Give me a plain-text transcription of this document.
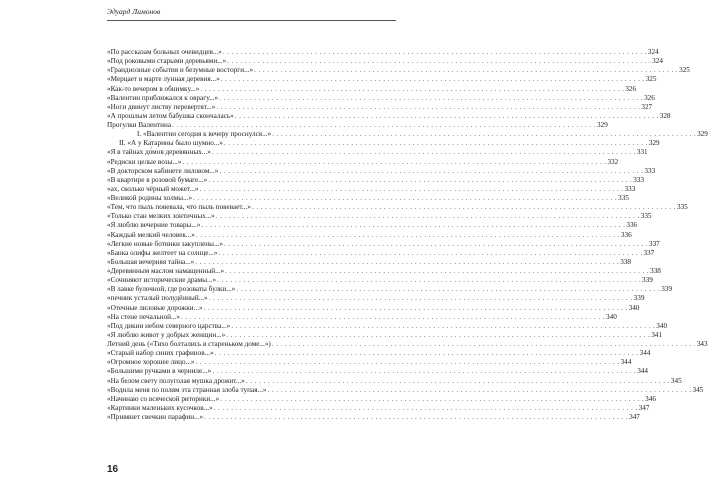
Эдуард Лимонов
«По рассказам больных очевидцев...» . . .	324
«Под роковыми старыми деревьями...» . . .	324
«Грандиозные события и безумные восторги...» . . .	325
«Мерцает в марте лунная деревня...» . . .	325
«Как-то вечером в обнимку...» . . .	326
«Валентин приближался к оврагу...» . . .	326
«Ноги двинут листву перевертят...» . . .	327
«А прошлым летом бабушка скончалась» . . .	328
Прогулки Валентина . . .	329
I. «Валентин сегодня к вечеру проснулся...» . . .	329
II. «А у Катарины было шумно...» . . .	329
«Я в тайнах до́мов деревянных...» . . .	331
«Редиски целые возы...» . . .	332
«В докторском кабинете лиловом...» . . .	333
«В квартире в розовой бумаге...» . . .	333
«ах, сколько чёрный может...» . . .	333
«Великой родины холмы...» . . .	335
«Тем, что пыль повевала, что пыль повевает...» . . .	335
«Только стан мелких зонтичных...» . . .	335
«Я люблю вечерние товары...» . . .	336
«Каждый мелкий человек...» . . .	336
«Легкие новые ботинки закуплены...» . . .	337
«Банка олифы желтеет на солнце...» . . .	337
«Большая вечерняя тайна...» . . .	338
«Деревянным маслом намащенный...» . . .	338
«Сочиняют исторические драмы...» . . .	339
«В лавке булочной, где розоваты булки...» . . .	339
«печник усталый полудённый...» . . .	339
«Отечные лиловые дорожки...» . . .	340
«На стене печальной...» . . .	340
«Под дикии небом северного царства...» . . .	340
«Я люблю живот у добрых женщин...» . . .	341
Летний день («Тихо болтались в стареньком доме...») . . .	343
«Старый набор синих графинов...» . . .	344
«Огромное хорошее лицо...» . . .	344
«Большими ручками в чернилe...» . . .	344
«На белом свету полуголая мушка дрожит...» . . .	345
«Водила меня по полям эта странная злоба тупая...» . . .	345
«Начинаю со всяческой риторики...» . . .	346
«Картинки маленьких кусочков...» . . .	347
«Привянет свечкин парафин...» . . .	347
16
